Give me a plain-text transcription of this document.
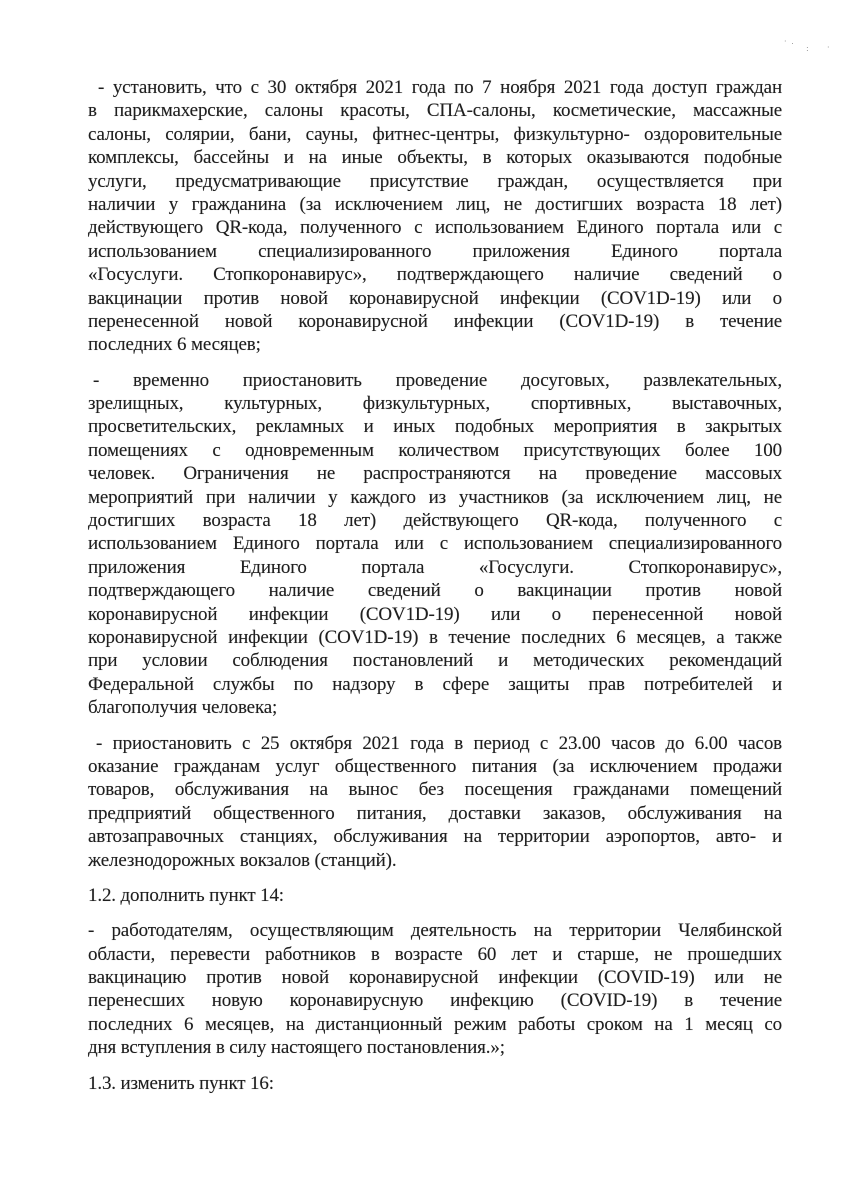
- установить, что с 30 октября 2021 года по 7 ноября 2021 года доступ граждан
в парикмахерские, салоны красоты, СПА-салоны, косметические, массажные
салоны, солярии, бани, сауны, фитнес-центры, физкультурно- оздоровительные
комплексы, бассейны и на иные объекты, в которых оказываются подобные
услуги, предусматривающие присутствие граждан, осуществляется при
наличии у гражданина (за исключением лиц, не достигших возраста 18 лет)
действующего QR-кода, полученного с использованием Единого портала или с
использованием специализированного приложения Единого портала
«Госуслуги. Стопкоронавирус», подтверждающего наличие сведений о
вакцинации против новой коронавирусной инфекции (COV1D-19) или о
перенесенной новой коронавирусной инфекции (COV1D-19) в течение
последних 6 месяцев;
- временно приостановить проведение досуговых, развлекательных,
зрелищных, культурных, физкультурных, спортивных, выставочных,
просветительских, рекламных и иных подобных мероприятия в закрытых
помещениях с одновременным количеством присутствующих более 100
человек. Ограничения не распространяются на проведение массовых
мероприятий при наличии у каждого из участников (за исключением лиц, не
достигших возраста 18 лет) действующего QR-кода, полученного с
использованием Единого портала или с использованием специализированного
приложения Единого портала «Госуслуги. Стопкоронавирус»,
подтверждающего наличие сведений о вакцинации против новой
коронавирусной инфекции (COV1D-19) или о перенесенной новой
коронавирусной инфекции (COV1D-19) в течение последних 6 месяцев, а также
при условии соблюдения постановлений и методических рекомендаций
Федеральной службы по надзору в сфере защиты прав потребителей и
благополучия человека;
- приостановить с 25 октября 2021 года в период с 23.00 часов до 6.00 часов
оказание гражданам услуг общественного питания (за исключением продажи
товаров, обслуживания на вынос без посещения гражданами помещений
предприятий общественного питания, доставки заказов, обслуживания на
автозаправочных станциях, обслуживания на территории аэропортов, авто- и
железнодорожных вокзалов (станций).
1.2. дополнить пункт 14:
- работодателям, осуществляющим деятельность на территории Челябинской
области, перевести работников в возрасте 60 лет и старше, не прошедших
вакцинацию против новой коронавирусной инфекции (COVID-19) или не
перенесших новую коронавирусную инфекцию (COVID-19) в течение
последних 6 месяцев, на дистанционный режим работы сроком на 1 месяц со
дня вступления в силу настоящего постановления.»;
1.3. изменить пункт 16:
· .
: ·
